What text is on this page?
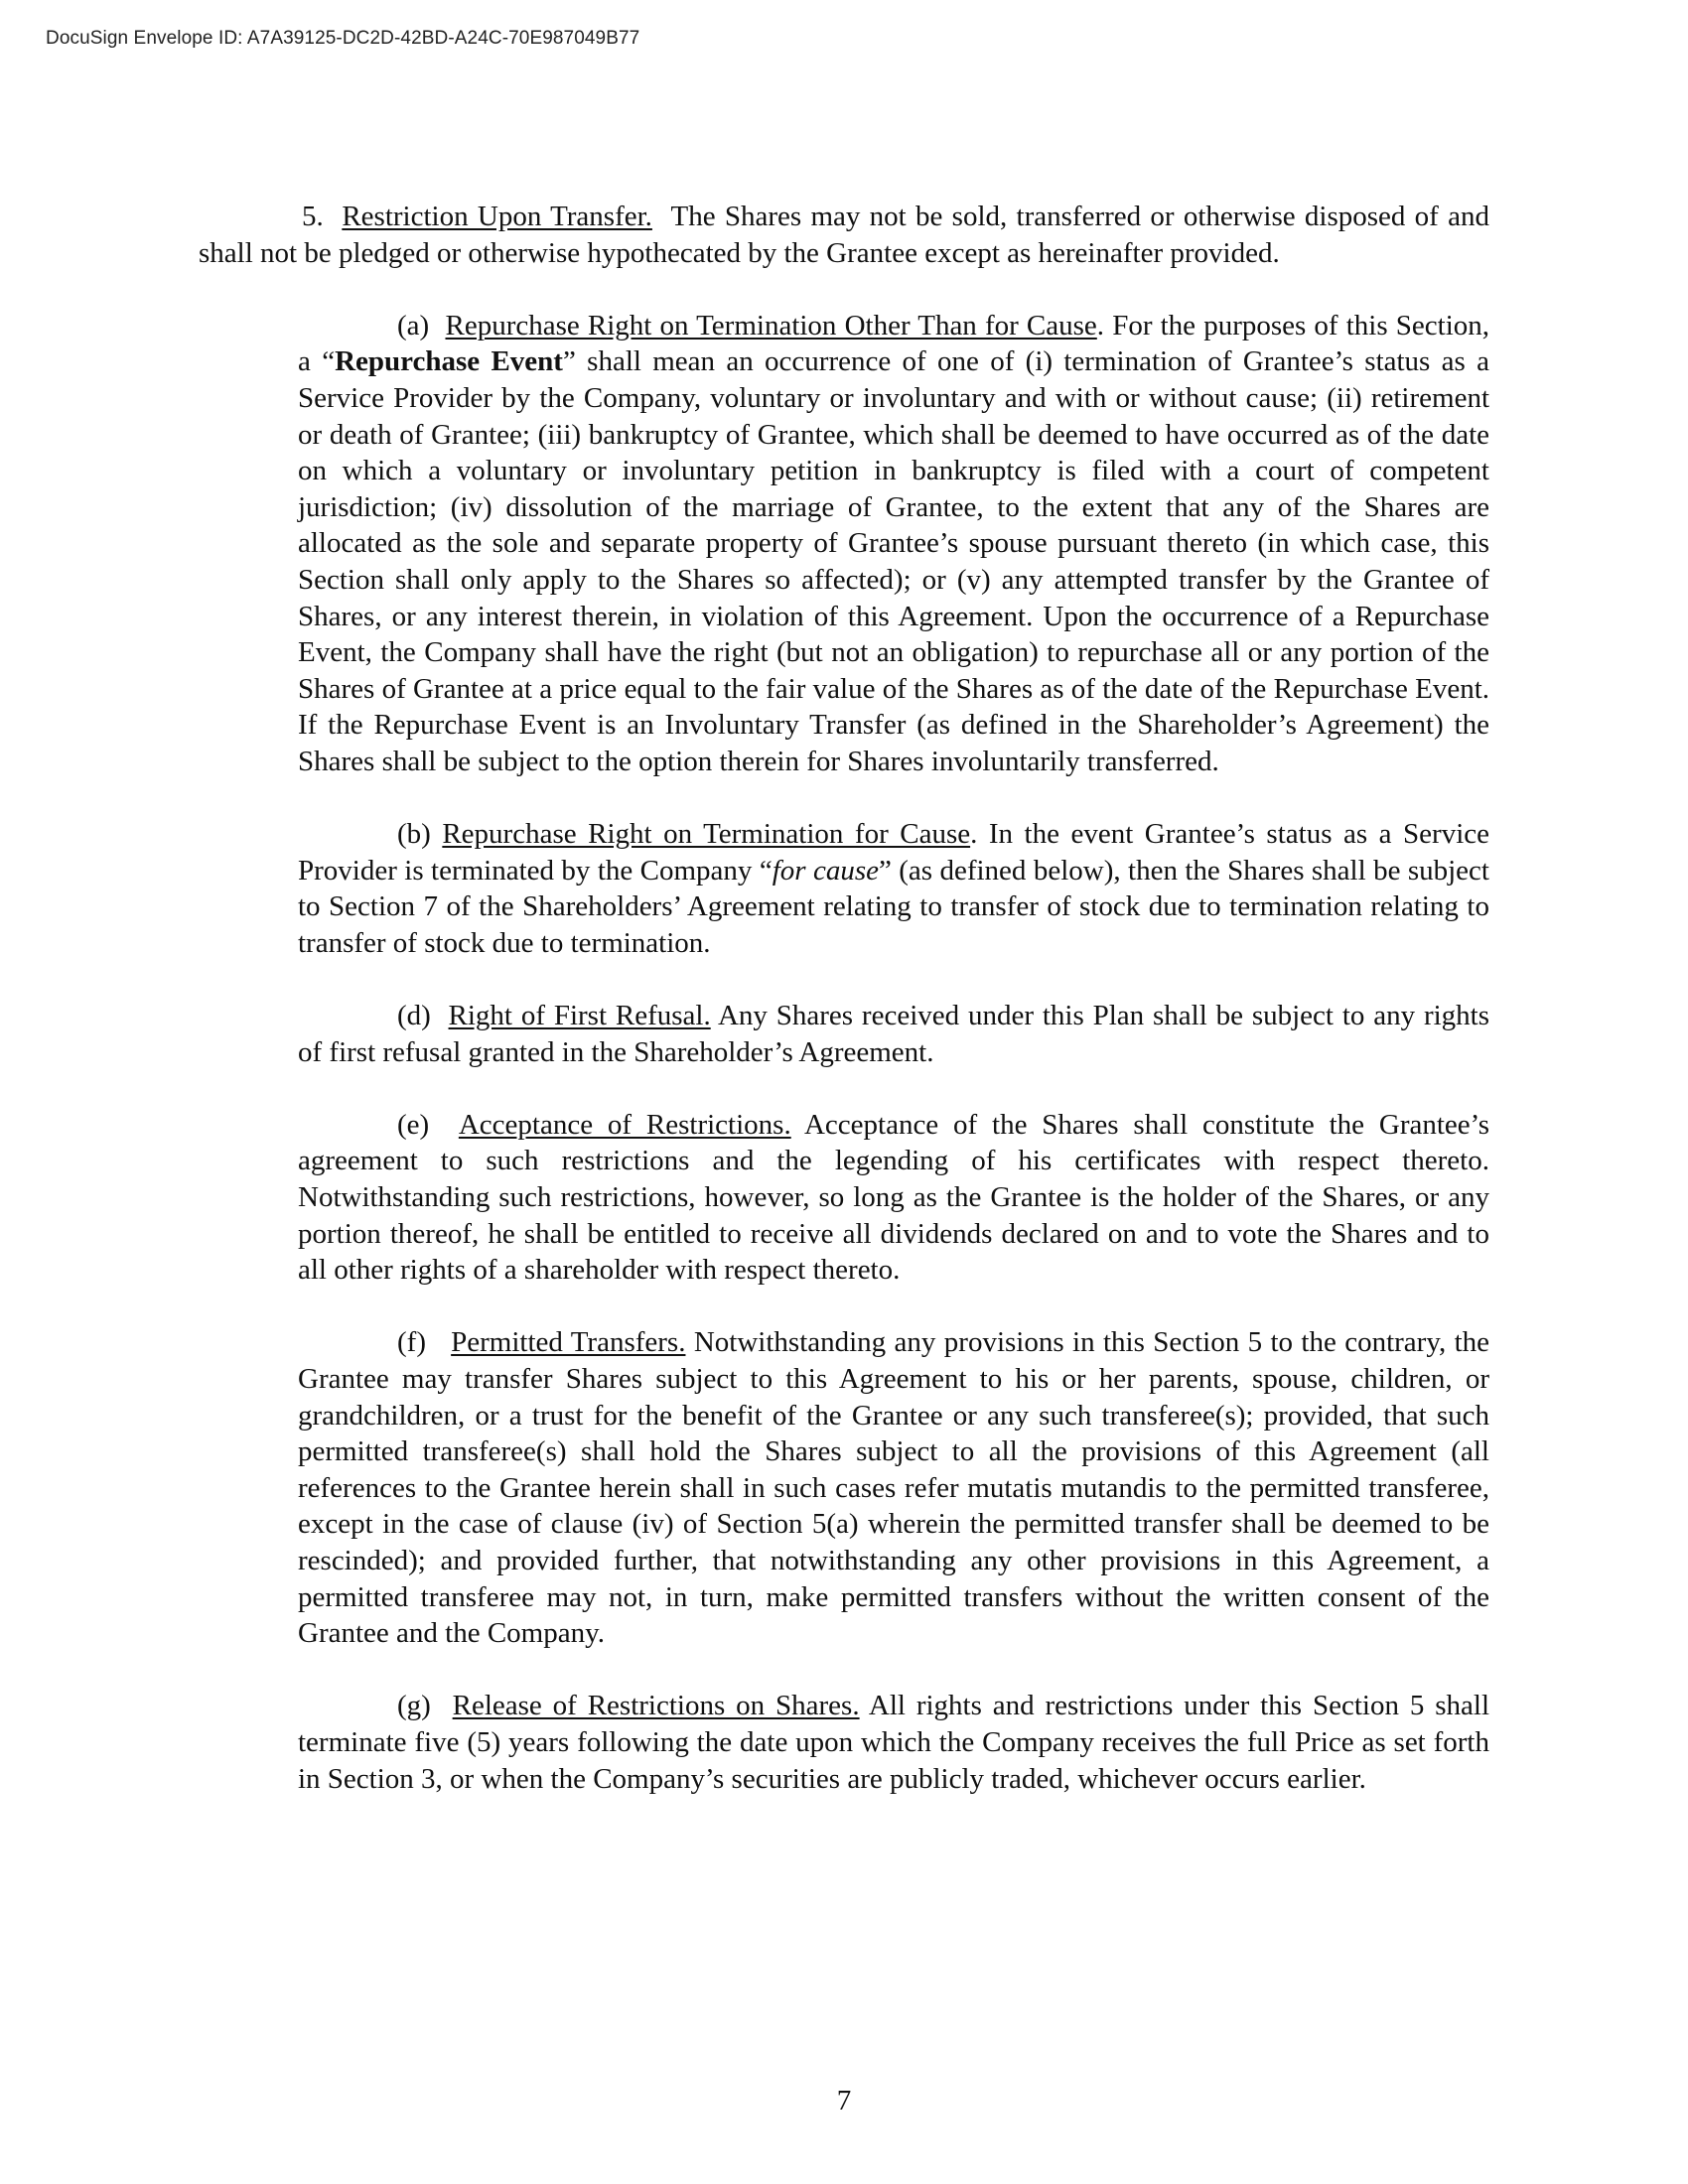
DocuSign Envelope ID: A7A39125-DC2D-42BD-A24C-70E987049B77

5. Restriction Upon Transfer. The Shares may not be sold, transferred or otherwise disposed of and shall not be pledged or otherwise hypothecated by the Grantee except as hereinafter provided.

(a) Repurchase Right on Termination Other Than for Cause. For the purposes of this Section, a “Repurchase Event” shall mean an occurrence of one of (i) termination of Grantee’s status as a Service Provider by the Company, voluntary or involuntary and with or without cause; (ii) retirement or death of Grantee; (iii) bankruptcy of Grantee, which shall be deemed to have occurred as of the date on which a voluntary or involuntary petition in bankruptcy is filed with a court of competent jurisdiction; (iv) dissolution of the marriage of Grantee, to the extent that any of the Shares are allocated as the sole and separate property of Grantee’s spouse pursuant thereto (in which case, this Section shall only apply to the Shares so affected); or (v) any attempted transfer by the Grantee of Shares, or any interest therein, in violation of this Agreement. Upon the occurrence of a Repurchase Event, the Company shall have the right (but not an obligation) to repurchase all or any portion of the Shares of Grantee at a price equal to the fair value of the Shares as of the date of the Repurchase Event. If the Repurchase Event is an Involuntary Transfer (as defined in the Shareholder’s Agreement) the Shares shall be subject to the option therein for Shares involuntarily transferred.

(b) Repurchase Right on Termination for Cause. In the event Grantee’s status as a Service Provider is terminated by the Company “for cause” (as defined below), then the Shares shall be subject to Section 7 of the Shareholders’ Agreement relating to transfer of stock due to termination relating to transfer of stock due to termination.

(d) Right of First Refusal. Any Shares received under this Plan shall be subject to any rights of first refusal granted in the Shareholder’s Agreement.

(e) Acceptance of Restrictions. Acceptance of the Shares shall constitute the Grantee’s agreement to such restrictions and the legending of his certificates with respect thereto. Notwithstanding such restrictions, however, so long as the Grantee is the holder of the Shares, or any portion thereof, he shall be entitled to receive all dividends declared on and to vote the Shares and to all other rights of a shareholder with respect thereto.

(f) Permitted Transfers. Notwithstanding any provisions in this Section 5 to the contrary, the Grantee may transfer Shares subject to this Agreement to his or her parents, spouse, children, or grandchildren, or a trust for the benefit of the Grantee or any such transferee(s); provided, that such permitted transferee(s) shall hold the Shares subject to all the provisions of this Agreement (all references to the Grantee herein shall in such cases refer mutatis mutandis to the permitted transferee, except in the case of clause (iv) of Section 5(a) wherein the permitted transfer shall be deemed to be rescinded); and provided further, that notwithstanding any other provisions in this Agreement, a permitted transferee may not, in turn, make permitted transfers without the written consent of the Grantee and the Company.

(g) Release of Restrictions on Shares. All rights and restrictions under this Section 5 shall terminate five (5) years following the date upon which the Company receives the full Price as set forth in Section 3, or when the Company’s securities are publicly traded, whichever occurs earlier.

7
